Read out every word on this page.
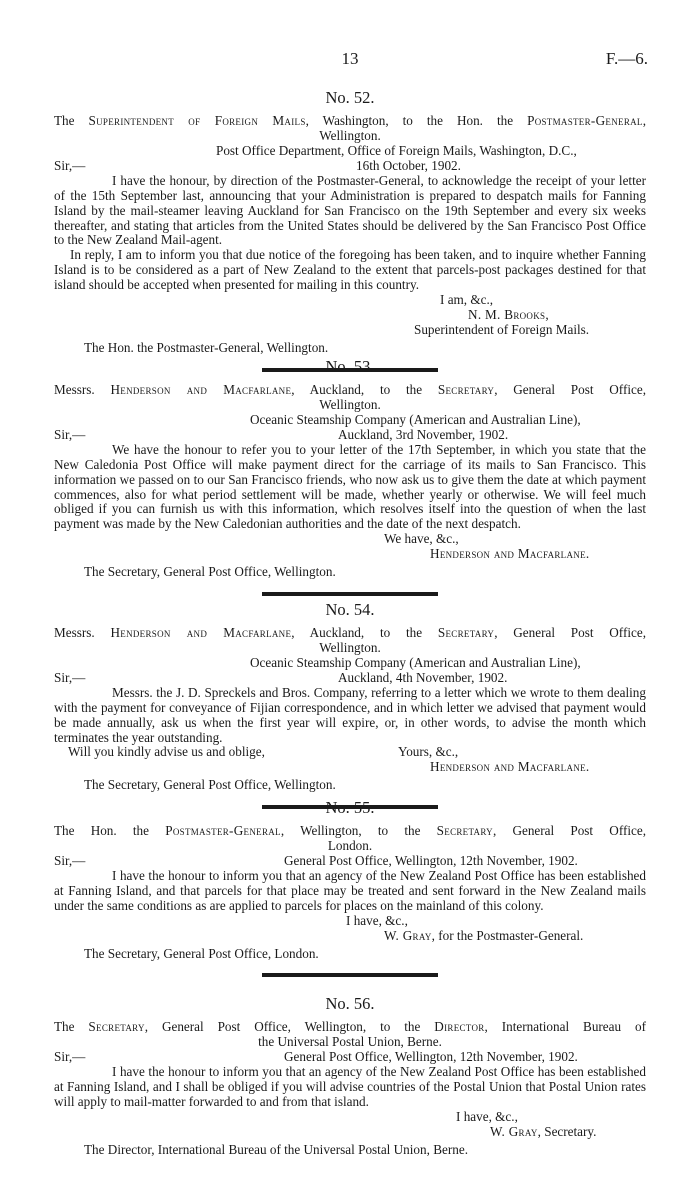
13	F.—6.
No. 52.
The Superintendent of Foreign Mails, Washington, to the Hon. the Postmaster-General,
Wellington.
Post Office Department, Office of Foreign Mails, Washington, D.C.,
Sir,—	16th October, 1902.

I have the honour, by direction of the Postmaster-General, to acknowledge the receipt of your letter of the 15th September last, announcing that your Administration is prepared to despatch mails for Fanning Island by the mail-steamer leaving Auckland for San Francisco on the 19th September and every six weeks thereafter, and stating that articles from the United States should be delivered by the San Francisco Post Office to the New Zealand Mail-agent.

In reply, I am to inform you that due notice of the foregoing has been taken, and to inquire whether Fanning Island is to be considered as a part of New Zealand to the extent that parcels-post packages destined for that island should be accepted when presented for mailing in this country.

I am, &c.,
N. M. Brooks,
Superintendent of Foreign Mails.
The Hon. the Postmaster-General, Wellington.
No. 53.
Messrs. Henderson and Macfarlane, Auckland, to the Secretary, General Post Office,
Wellington.
Oceanic Steamship Company (American and Australian Line),
Sir,—	Auckland, 3rd November, 1902.

We have the honour to refer you to your letter of the 17th September, in which you state that the New Caledonia Post Office will make payment direct for the carriage of its mails to San Francisco. This information we passed on to our San Francisco friends, who now ask us to give them the date at which payment commences, also for what period settlement will be made, whether yearly or otherwise. We will feel much obliged if you can furnish us with this information, which resolves itself into the question of when the last payment was made by the New Caledonian authorities and the date of the next despatch.

We have, &c.,
Henderson and Macfarlane.
The Secretary, General Post Office, Wellington.
No. 54.
Messrs. Henderson and Macfarlane, Auckland, to the Secretary, General Post Office,
Wellington.
Oceanic Steamship Company (American and Australian Line),
Sir,—	Auckland, 4th November, 1902.

Messrs. the J. D. Spreckels and Bros. Company, referring to a letter which we wrote to them dealing with the payment for conveyance of Fijian correspondence, and in which letter we advised that payment would be made annually, ask us when the first year will expire, or, in other words, to advise the month which terminates the year outstanding.

Will you kindly advise us and oblige,	Yours, &c.,
Henderson and Macfarlane.
The Secretary, General Post Office, Wellington.
No. 55.
The Hon. the Postmaster-General, Wellington, to the Secretary, General Post Office,
London.
Sir,—	General Post Office, Wellington, 12th November, 1902.

I have the honour to inform you that an agency of the New Zealand Post Office has been established at Fanning Island, and that parcels for that place may be treated and sent forward in the New Zealand mails under the same conditions as are applied to parcels for places on the mainland of this colony.

I have, &c.,
W. Gray, for the Postmaster-General.
The Secretary, General Post Office, London.
No. 56.
The Secretary, General Post Office, Wellington, to the Director, International Bureau of
the Universal Postal Union, Berne.
Sir,—	General Post Office, Wellington, 12th November, 1902.

I have the honour to inform you that an agency of the New Zealand Post Office has been established at Fanning Island, and I shall be obliged if you will advise countries of the Postal Union that Postal Union rates will apply to mail-matter forwarded to and from that island.

I have, &c.,
W. Gray, Secretary.
The Director, International Bureau of the Universal Postal Union, Berne.
